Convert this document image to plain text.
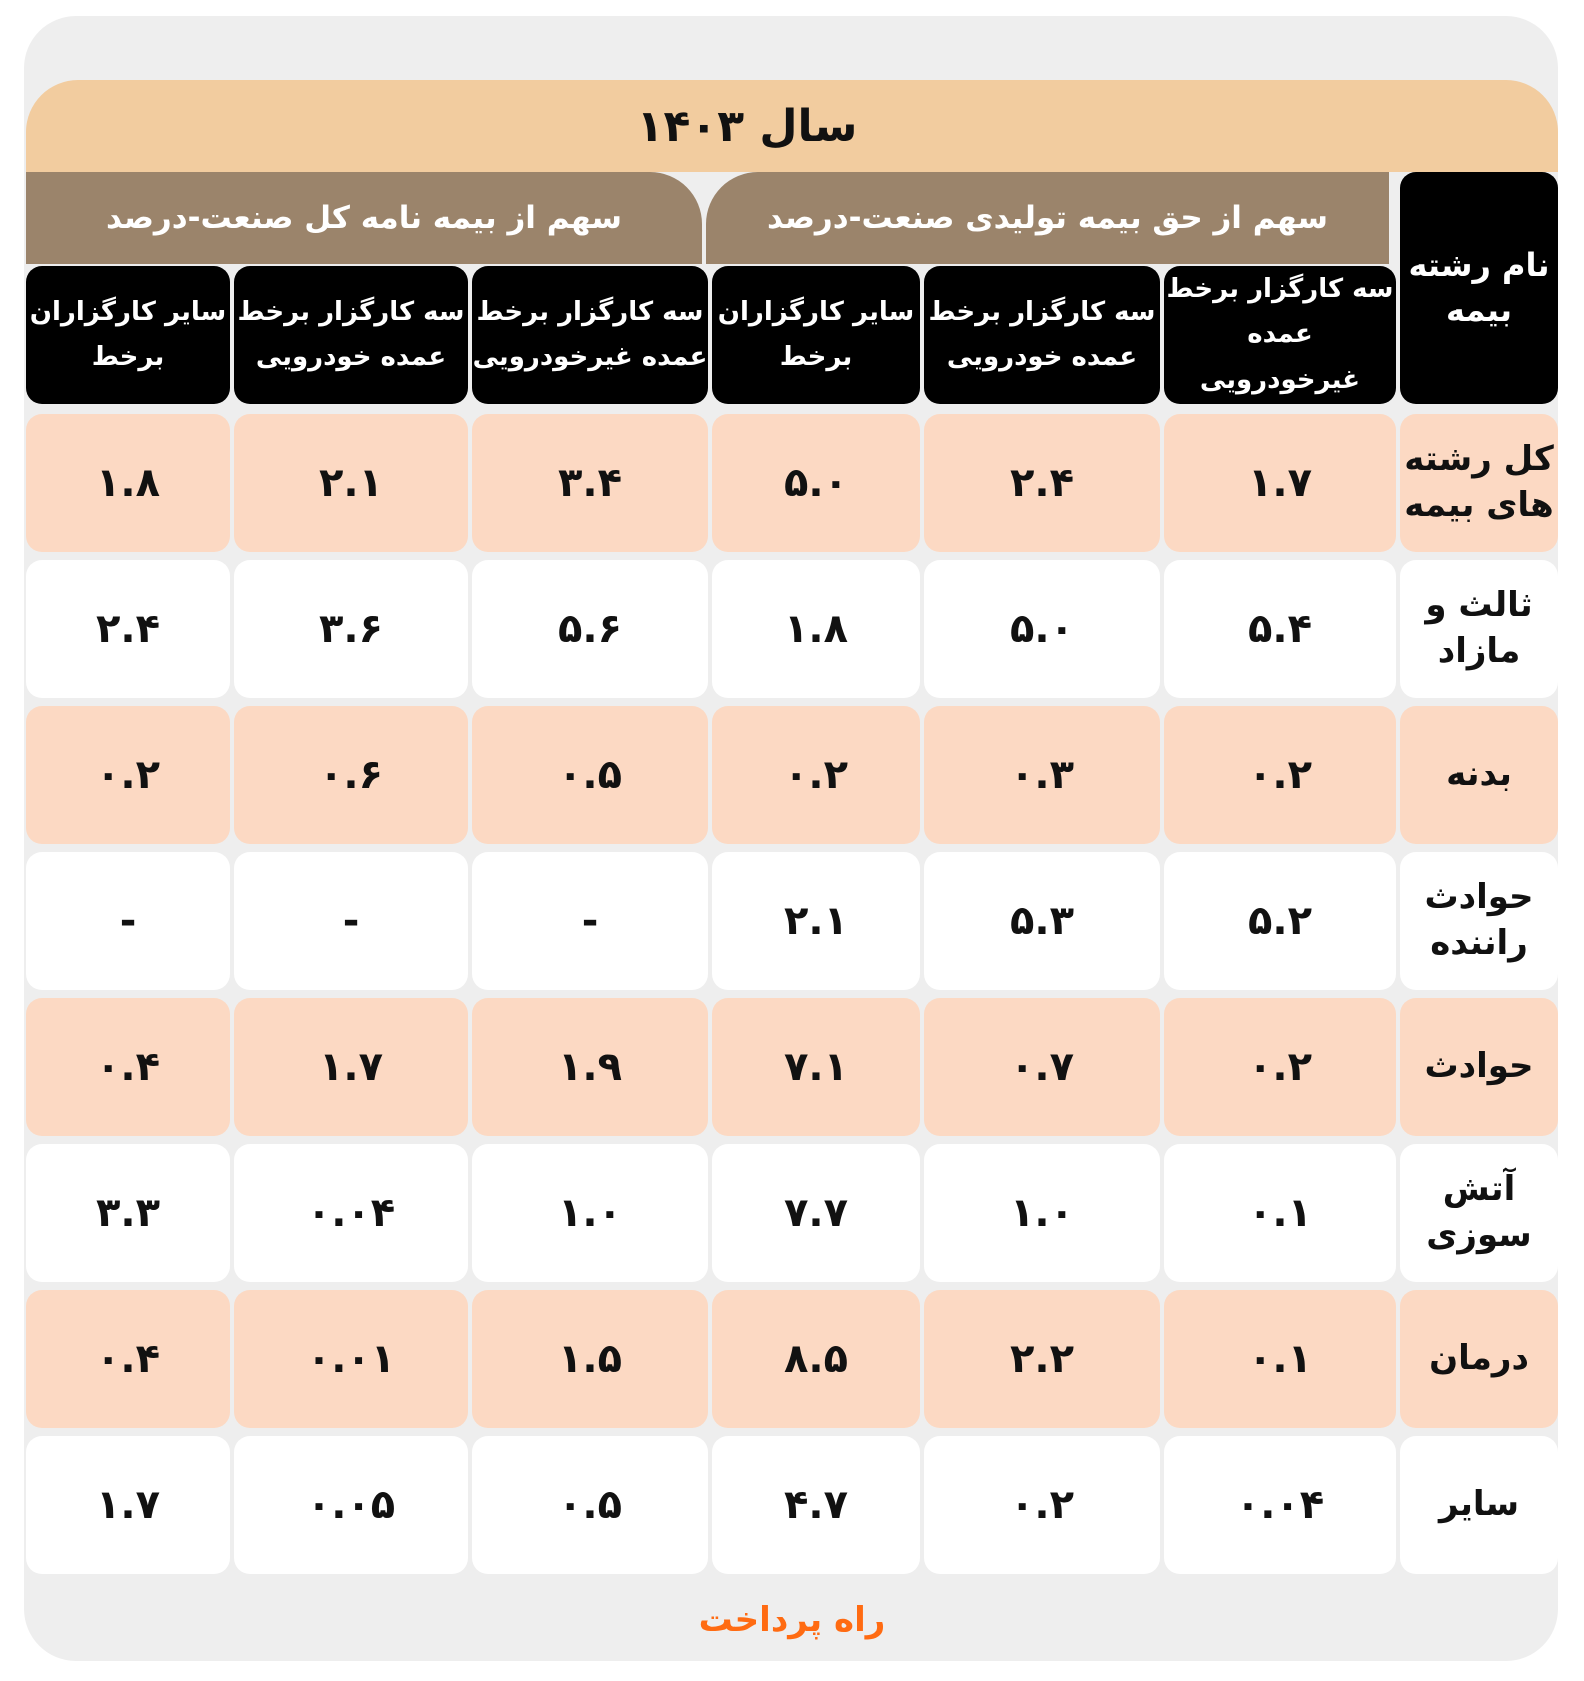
سال ۱۴۰۳
سهم از حق بیمه تولیدی صنعت-درصد
سهم از بیمه نامه کل صنعت-درصد
نام رشته بیمه
سه کارگزار برخط عمده غیرخودرویی
سه کارگزار برخط عمده خودرویی
سایر کارگزاران برخط
سه کارگزار برخط عمده غیرخودرویی
سه کارگزار برخط عمده خودرویی
سایر کارگزاران برخط
کل رشته های بیمه
۱.۷
۲.۴
۵.۰
۳.۴
۲.۱
۱.۸
ثالث و مازاد
۵.۴
۵.۰
۱.۸
۵.۶
۳.۶
۲.۴
بدنه
۰.۲
۰.۳
۰.۲
۰.۵
۰.۶
۰.۲
حوادث راننده
۵.۲
۵.۳
۲.۱
-
-
-
حوادث
۰.۲
۰.۷
۷.۱
۱.۹
۱.۷
۰.۴
آتش سوزی
۰.۱
۱.۰
۷.۷
۱.۰
۰.۰۴
۳.۳
درمان
۰.۱
۲.۲
۸.۵
۱.۵
۰.۰۱
۰.۴
سایر
۰.۰۴
۰.۲
۴.۷
۰.۵
۰.۰۵
۱.۷
راه پرداخت
